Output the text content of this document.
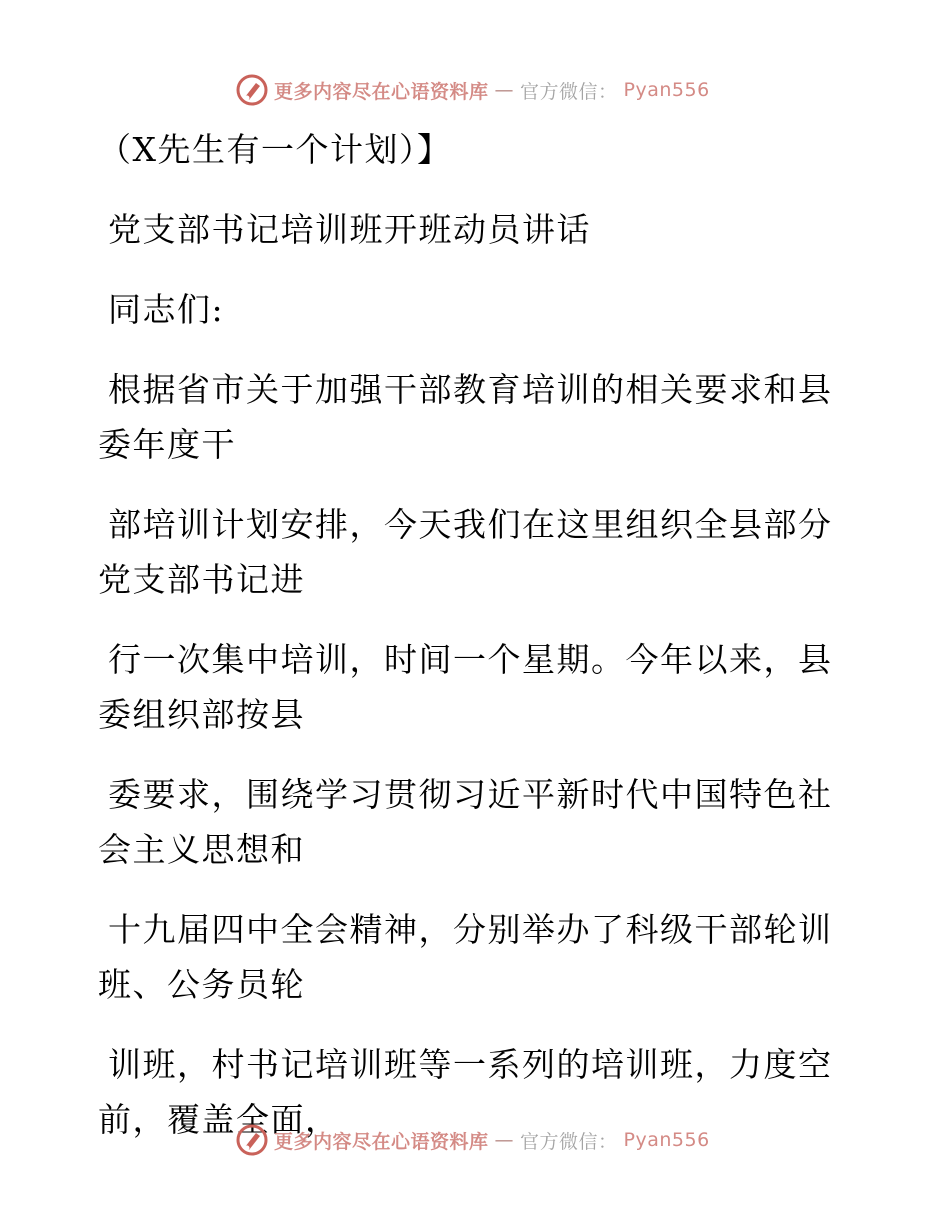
更多内容尽在心语资料库 — 官方微信： Pyan556

（X先生有一个计划）】

党支部书记培训班开班动员讲话

同志们:

根据省市关于加强干部教育培训的相关要求和县

委年度干

部培训计划安排，今天我们在这里组织全县部分

党支部书记进

行一次集中培训，时间一个星期。今年以来，县

委组织部按县

委要求，围绕学习贯彻习近平新时代中国特色社

会主义思想和

十九届四中全会精神，分别举办了科级干部轮训

班、公务员轮

训班，村书记培训班等一系列的培训班，力度空

前，覆盖全面，

更多内容尽在心语资料库 — 官方微信： Pyan556
